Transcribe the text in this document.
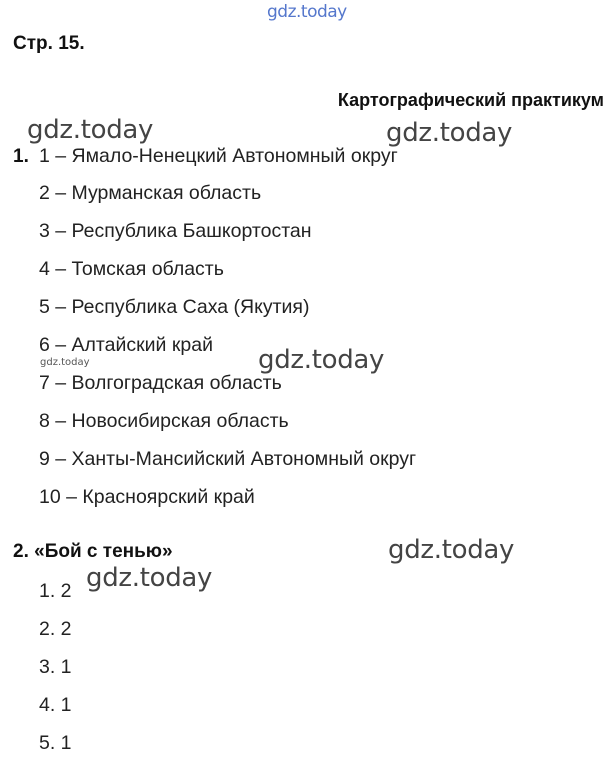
gdz.today
gdz.today	gdz.today
gdz.today	gdz.today
gdz.today
gdz.today
Стр. 15.
Картографический практикум
1. 1 – Ямало-Ненецкий Автономный округ
2 – Мурманская область
3 – Республика Башкортостан
4 – Томская область
5 – Республика Саха (Якутия)
6 – Алтайский край
7 – Волгоградская область
8 – Новосибирская область
9 – Ханты-Мансийский Автономный округ
10 – Красноярский край
2. «Бой с тенью»
1. 2
2. 2
3. 1
4. 1
5. 1
